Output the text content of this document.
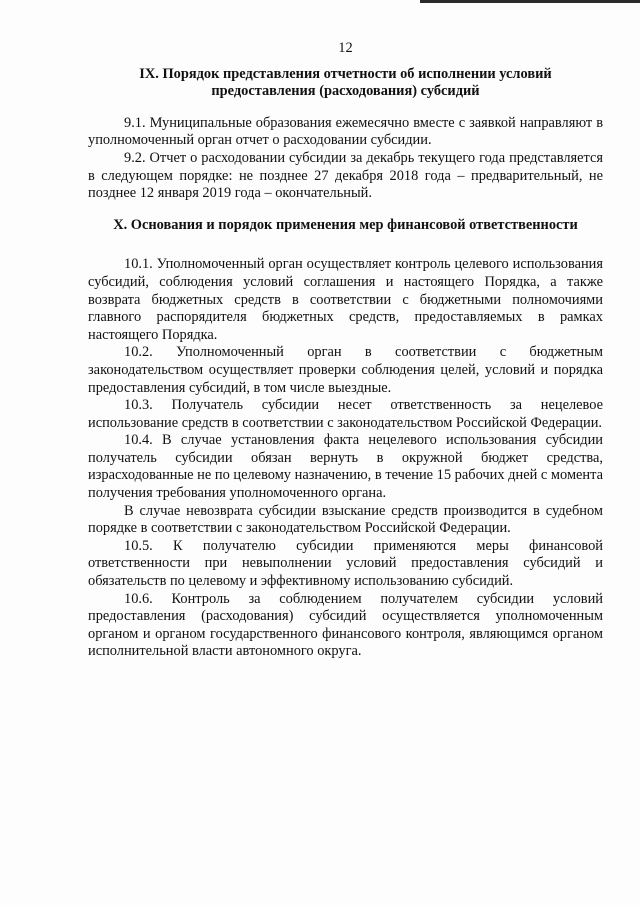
12
IX. Порядок представления отчетности об исполнении условий предоставления (расходования) субсидий

9.1. Муниципальные образования ежемесячно вместе с заявкой направляют в уполномоченный орган отчет о расходовании субсидии.

9.2. Отчет о расходовании субсидии за декабрь текущего года представляется в следующем порядке: не позднее 27 декабря 2018 года – предварительный, не позднее 12 января 2019 года – окончательный.

X. Основания и порядок применения мер финансовой ответственности

10.1. Уполномоченный орган осуществляет контроль целевого использования субсидий, соблюдения условий соглашения и настоящего Порядка, а также возврата бюджетных средств в соответствии с бюджетными полномочиями главного распорядителя бюджетных средств, предоставляемых в рамках настоящего Порядка.

10.2. Уполномоченный орган в соответствии с бюджетным законодательством осуществляет проверки соблюдения целей, условий и порядка предоставления субсидий, в том числе выездные.

10.3. Получатель субсидии несет ответственность за нецелевое использование средств в соответствии с законодательством Российской Федерации.

10.4. В случае установления факта нецелевого использования субсидии получатель субсидии обязан вернуть в окружной бюджет средства, израсходованные не по целевому назначению, в течение 15 рабочих дней с момента получения требования уполномоченного органа.

В случае невозврата субсидии взыскание средств производится в судебном порядке в соответствии с законодательством Российской Федерации.

10.5. К получателю субсидии применяются меры финансовой ответственности при невыполнении условий предоставления субсидий и обязательств по целевому и эффективному использованию субсидий.

10.6. Контроль за соблюдением получателем субсидии условий предоставления (расходования) субсидий осуществляется уполномоченным органом и органом государственного финансового контроля, являющимся органом исполнительной власти автономного округа.
